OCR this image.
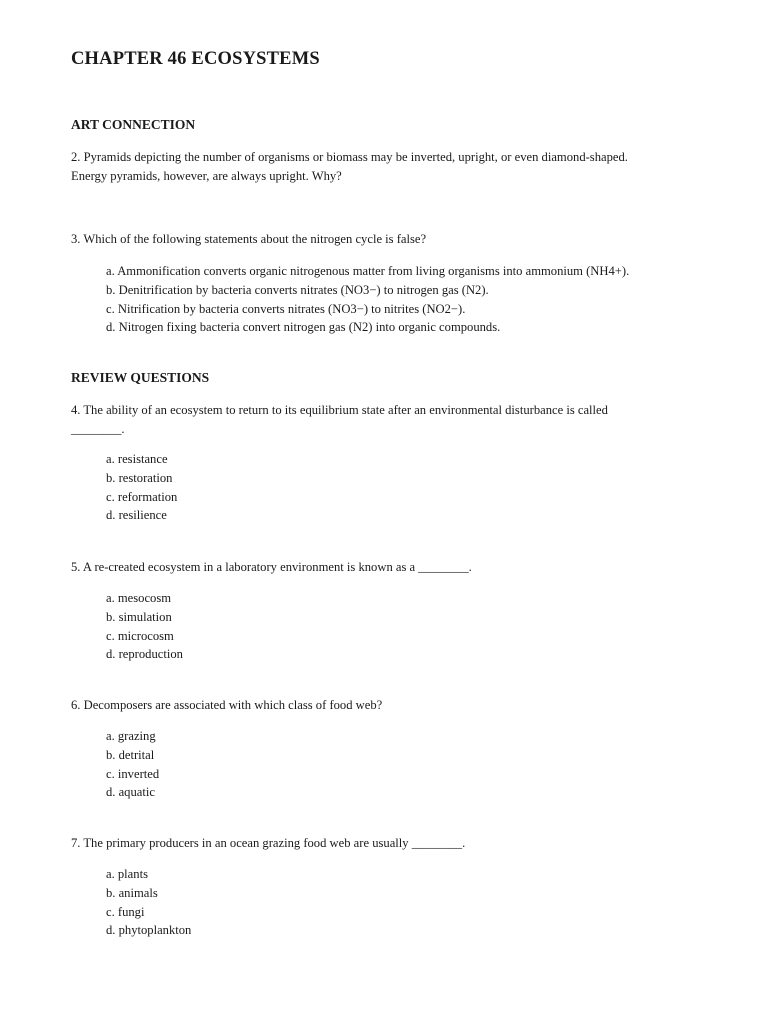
CHAPTER 46 ECOSYSTEMS
ART CONNECTION
2. Pyramids depicting the number of organisms or biomass may be inverted, upright, or even diamond-shaped.
Energy pyramids, however, are always upright. Why?
3. Which of the following statements about the nitrogen cycle is false?
a. Ammonification converts organic nitrogenous matter from living organisms into ammonium (NH4+).
b. Denitrification by bacteria converts nitrates (NO3−) to nitrogen gas (N2).
c. Nitrification by bacteria converts nitrates (NO3−) to nitrites (NO2−).
d. Nitrogen fixing bacteria convert nitrogen gas (N2) into organic compounds.
REVIEW QUESTIONS
4. The ability of an ecosystem to return to its equilibrium state after an environmental disturbance is called
________.
a. resistance
b. restoration
c. reformation
d. resilience
5. A re-created ecosystem in a laboratory environment is known as a ________.
a. mesocosm
b. simulation
c. microcosm
d. reproduction
6. Decomposers are associated with which class of food web?
a. grazing
b. detrital
c. inverted
d. aquatic
7. The primary producers in an ocean grazing food web are usually ________.
a. plants
b. animals
c. fungi
d. phytoplankton
